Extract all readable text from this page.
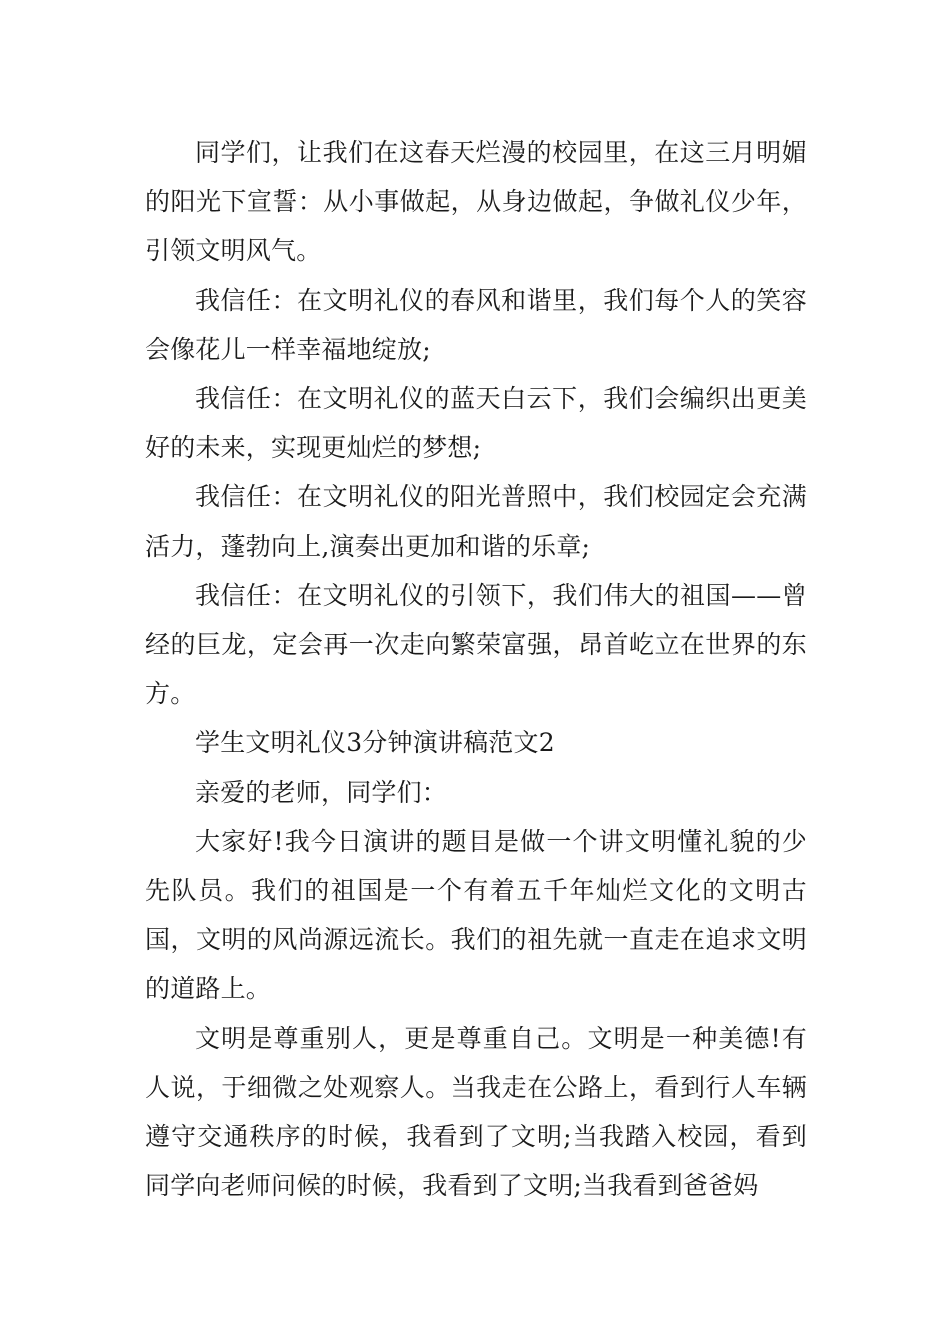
同学们，让我们在这春天烂漫的校园里，在这三月明媚的阳光下宣誓：从小事做起，从身边做起，争做礼仪少年，引领文明风气。

我信任：在文明礼仪的春风和谐里，我们每个人的笑容会像花儿一样幸福地绽放;

我信任：在文明礼仪的蓝天白云下，我们会编织出更美好的未来，实现更灿烂的梦想;

我信任：在文明礼仪的阳光普照中，我们校园定会充满活力，蓬勃向上,演奏出更加和谐的乐章;

我信任：在文明礼仪的引领下，我们伟大的祖国——曾经的巨龙，定会再一次走向繁荣富强，昂首屹立在世界的东方。

学生文明礼仪3分钟演讲稿范文2

亲爱的老师，同学们：

大家好!我今日演讲的题目是做一个讲文明懂礼貌的少先队员。我们的祖国是一个有着五千年灿烂文化的文明古国，文明的风尚源远流长。我们的祖先就一直走在追求文明的道路上。

文明是尊重别人，更是尊重自己。文明是一种美德!有人说，于细微之处观察人。当我走在公路上，看到行人车辆遵守交通秩序的时候，我看到了文明;当我踏入校园，看到同学向老师问候的时候，我看到了文明;当我看到爸爸妈
